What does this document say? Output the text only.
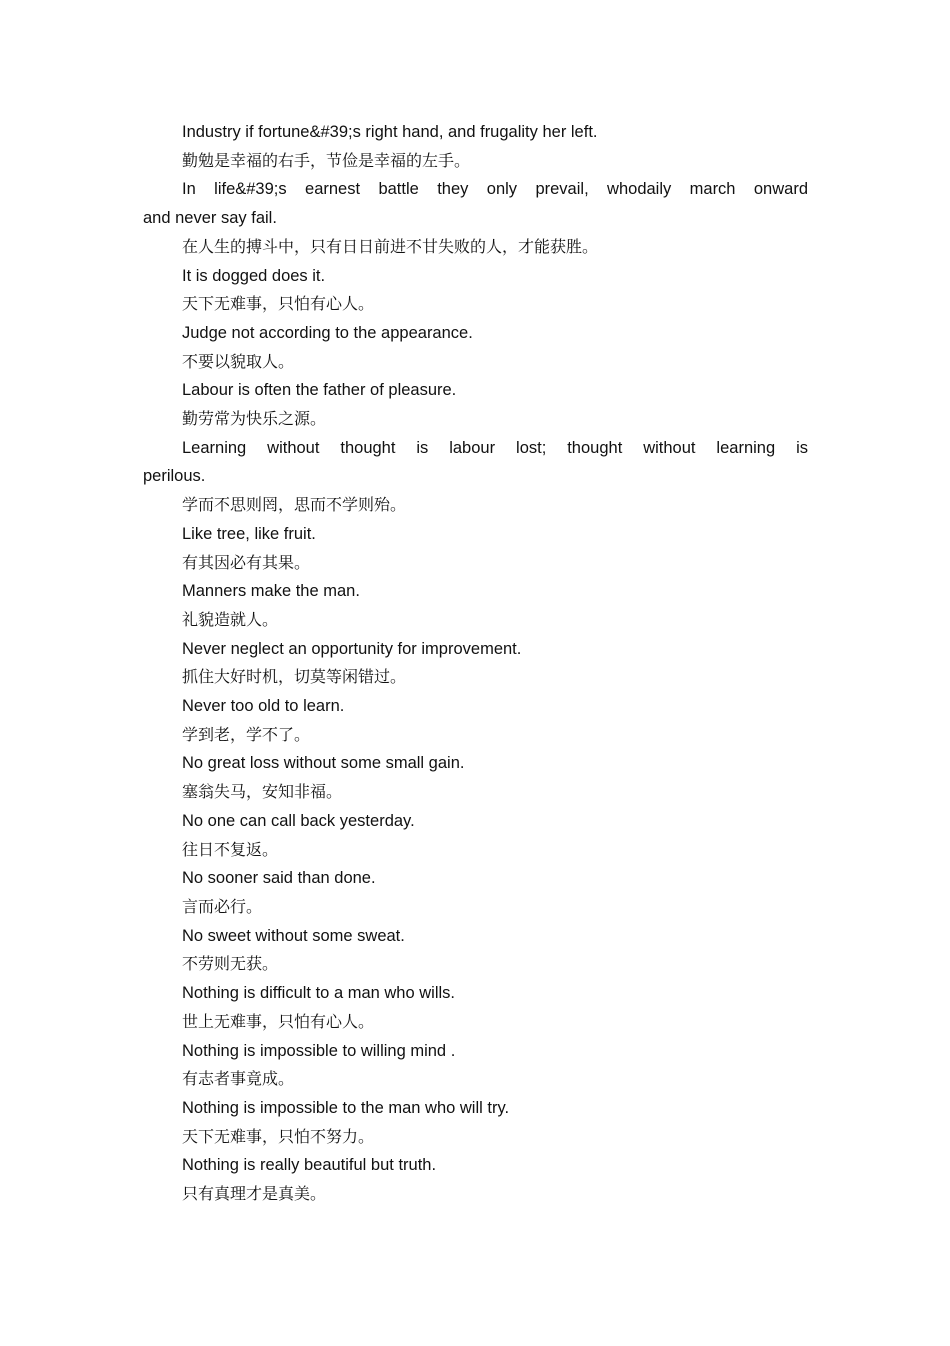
Industry if fortune&#39;s right hand, and frugality her left.

勤勉是幸福的右手，节俭是幸福的左手。

In life&#39;s earnest battle they only prevail, whodaily march onward
and never say fail.

在人生的搏斗中，只有日日前进不甘失败的人，才能获胜。

It is dogged does it.

天下无难事，只怕有心人。

Judge not according to the appearance.

不要以貌取人。

Labour is often the father of pleasure.

勤劳常为快乐之源。

Learning without thought is labour lost; thought without learning is
perilous.

学而不思则罔，思而不学则殆。

Like tree, like fruit.

有其因必有其果。

Manners make the man.

礼貌造就人。

Never neglect an opportunity for improvement.

抓住大好时机，切莫等闲错过。

Never too old to learn.

学到老，学不了。

No great loss without some small gain.

塞翁失马，安知非福。

No one can call back yesterday.

往日不复返。

No sooner said than done.

言而必行。

No sweet without some sweat.

不劳则无获。

Nothing is difficult to a man who wills.

世上无难事，只怕有心人。

Nothing is impossible to willing mind .

有志者事竟成。

Nothing is impossible to the man who will try.

天下无难事，只怕不努力。

Nothing is really beautiful but truth.

只有真理才是真美。
